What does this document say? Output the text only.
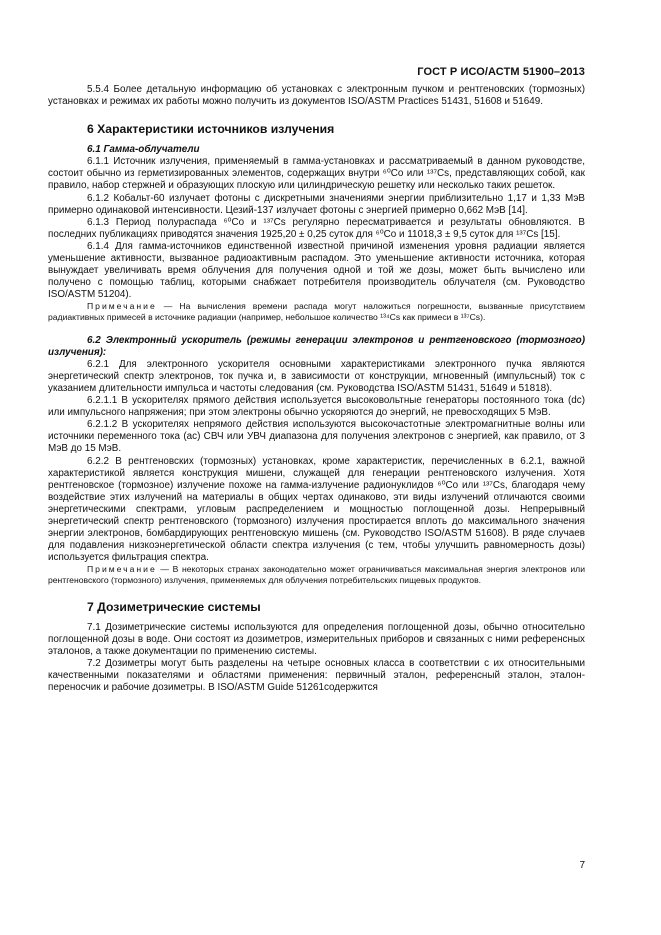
ГОСТ Р ИСО/АСТМ 51900–2013

5.5.4 Более детальную информацию об установках с электронным пучком и рентгеновских (тормозных) установках и режимах их работы можно получить из документов ISO/ASTM Practices 51431, 51608 и 51649.

6 Характеристики источников излучения
6.1 Гамма-облучатели

6.1.1 Источник излучения, применяемый в гамма-установках и рассматриваемый в данном руководстве, состоит обычно из герметизированных элементов, содержащих внутри ⁶⁰Co или ¹³⁷Cs, представляющих собой, как правило, набор стержней и образующих плоскую или цилиндрическую решетку или несколько таких решеток.

6.1.2 Кобальт-60 излучает фотоны с дискретными значениями энергии приблизительно 1,17 и 1,33 МэВ примерно одинаковой интенсивности. Цезий-137 излучает фотоны с энергией примерно 0,662 МэВ [14].

6.1.3 Период полураспада ⁶⁰Co и ¹³⁷Cs регулярно пересматривается и результаты обновляются. В последних публикациях приводятся значения 1925,20 ± 0,25 суток для ⁶⁰Co и 11018,3 ± 9,5 суток для ¹³⁷Cs [15].

6.1.4 Для гамма-источников единственной известной причиной изменения уровня радиации является уменьшение активности, вызванное радиоактивным распадом. Это уменьшение активности источника, которая вынуждает увеличивать время облучения для получения одной и той же дозы, может быть вычислено или получено с помощью таблиц, которыми снабжает потребителя производитель облучателя (см. Руководство ISO/ASTM 51204).

Примечание — На вычисления времени распада могут наложиться погрешности, вызванные присутствием радиактивных примесей в источнике радиации (например, небольшое количество ¹³⁴Cs как примеси в ¹³⁷Cs).

6.2 Электронный ускоритель (режимы генерации электронов и рентгеновского (тормозного) излучения):

6.2.1 Для электронного ускорителя основными характеристиками электронного пучка являются энергетический спектр электронов, ток пучка и, в зависимости от конструкции, мгновенный (импульсный) ток с указанием длительности импульса и частоты следования (см. Руководства ISO/ASTM 51431, 51649 и 51818).

6.2.1.1 В ускорителях прямого действия используется высоковольтные генераторы постоянного тока (dc) или импульсного напряжения; при этом электроны обычно ускоряются до энергий, не превосходящих 5 МэВ.

6.2.1.2 В ускорителях непрямого действия используются высокочастотные электромагнитные волны или источники переменного тока (ас) СВЧ или УВЧ диапазона для получения электронов с энергией, как правило, от 3 МэВ до 15 МэВ.

6.2.2 В рентгеновских (тормозных) установках, кроме характеристик, перечисленных в 6.2.1, важной характеристикой является конструкция мишени, служащей для генерации рентгеновского излучения. Хотя рентгеновское (тормозное) излучение похоже на гамма-излучение радионуклидов ⁶⁰Co или ¹³⁷Cs, благодаря чему воздействие этих излучений на материалы в общих чертах одинаково, эти виды излучений отличаются своими энергетическими спектрами, угловым распределением и мощностью поглощенной дозы. Непрерывный энергетический спектр рентгеновского (тормозного) излучения простирается вплоть до максимального значения энергии электронов, бомбардирующих рентгеновскую мишень (см. Руководство ISO/ASTM 51608). В ряде случаев для подавления низкоэнергетической области спектра излучения (с тем, чтобы улучшить равномерность дозы) используется фильтрация спектра.

Примечание — В некоторых странах законодательно может ограничиваться максимальная энергия электронов или рентгеновского (тормозного) излучения, применяемых для облучения потребительских пищевых продуктов.

7 Дозиметрические системы

7.1 Дозиметрические системы используются для определения поглощенной дозы, обычно относительно поглощенной дозы в воде. Они состоят из дозиметров, измерительных приборов и связанных с ними референсных эталонов, а также документации по применению системы.

7.2 Дозиметры могут быть разделены на четыре основных класса в соответствии с их относительными качественными показателями и областями применения: первичный эталон, референсный эталон, эталон-переносчик и рабочие дозиметры. В ISO/ASTM Guide 51261содержится

7
